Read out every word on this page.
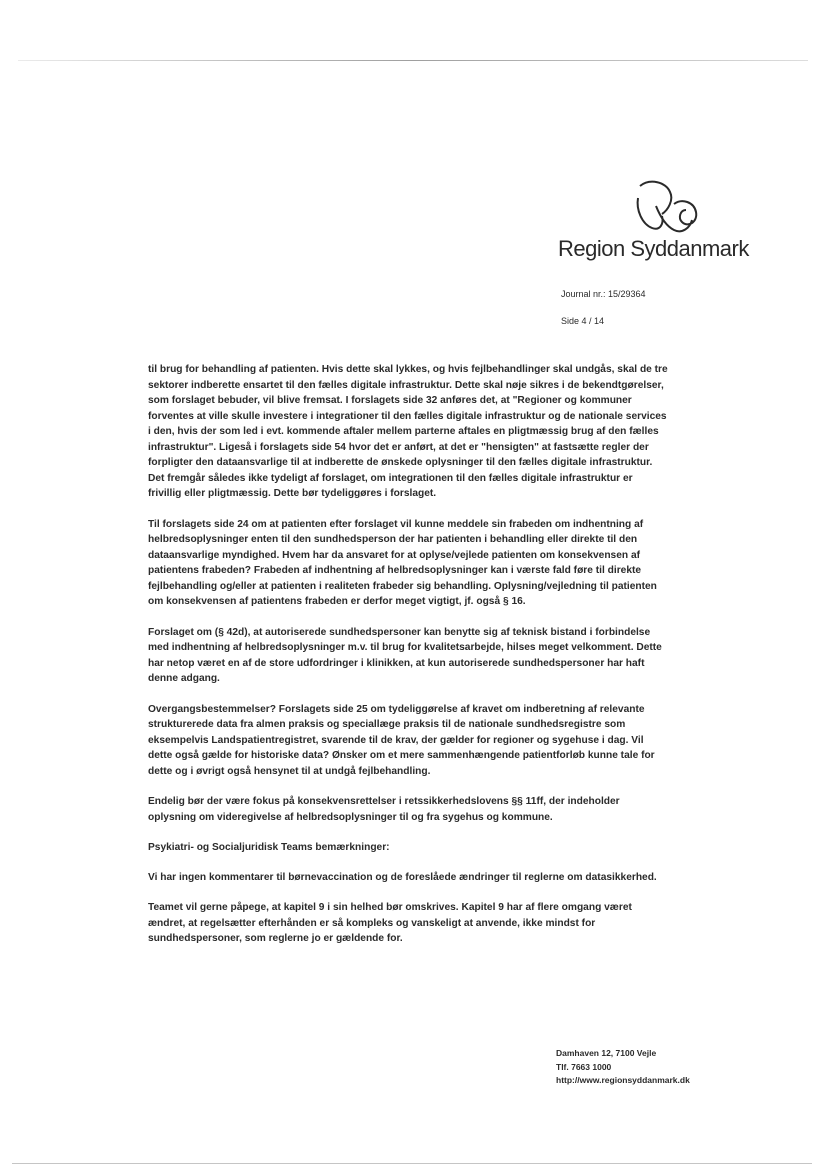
Region Syddanmark
Journal nr.: 15/29364
Side 4 / 14

til brug for behandling af patienten. Hvis dette skal lykkes, og hvis fejlbehandlinger skal undgås, skal de tre sektorer indberette ensartet til den fælles digitale infrastruktur. Dette skal nøje sikres i de bekendtgørelser, som forslaget bebuder, vil blive fremsat. I forslagets side 32 anføres det, at "Regioner og kommuner forventes at ville skulle investere i integrationer til den fælles digitale infrastruktur og de nationale services i den, hvis der som led i evt. kommende aftaler mellem parterne aftales en pligtmæssig brug af den fælles infrastruktur". Ligeså i forslagets side 54 hvor det er anført, at det er "hensigten" at fastsætte regler der forpligter den dataansvarlige til at indberette de ønskede oplysninger til den fælles digitale infrastruktur. Det fremgår således ikke tydeligt af forslaget, om integrationen til den fælles digitale infrastruktur er frivillig eller pligtmæssig. Dette bør tydeliggøres i forslaget.

Til forslagets side 24 om at patienten efter forslaget vil kunne meddele sin frabeden om indhentning af helbredsoplysninger enten til den sundhedsperson der har patienten i behandling eller direkte til den dataansvarlige myndighed. Hvem har da ansvaret for at oplyse/vejlede patienten om konsekvensen af patientens frabeden? Frabeden af indhentning af helbredsoplysninger kan i værste fald føre til direkte fejlbehandling og/eller at patienten i realiteten frabeder sig behandling. Oplysning/vejledning til patienten om konsekvensen af patientens frabeden er derfor meget vigtigt, jf. også § 16.

Forslaget om (§ 42d), at autoriserede sundhedspersoner kan benytte sig af teknisk bistand i forbindelse med indhentning af helbredsoplysninger m.v. til brug for kvalitetsarbejde, hilses meget velkomment. Dette har netop været en af de store udfordringer i klinikken, at kun autoriserede sundhedspersoner har haft denne adgang.

Overgangsbestemmelser? Forslagets side 25 om tydeliggørelse af kravet om indberetning af relevante strukturerede data fra almen praksis og speciallæge praksis til de nationale sundhedsregistre som eksempelvis Landspatientregistret, svarende til de krav, der gælder for regioner og sygehuse i dag. Vil dette også gælde for historiske data? Ønsker om et mere sammenhængende patientforløb kunne tale for dette og i øvrigt også hensynet til at undgå fejlbehandling.

Endelig bør der være fokus på konsekvensrettelser i retssikkerhedslovens §§ 11ff, der indeholder oplysning om videregivelse af helbredsoplysninger til og fra sygehus og kommune.

Psykiatri- og Socialjuridisk Teams bemærkninger:

Vi har ingen kommentarer til børnevaccination og de foreslåede ændringer til reglerne om datasikkerhed.

Teamet vil gerne påpege, at kapitel 9 i sin helhed bør omskrives. Kapitel 9 har af flere omgang været ændret, at regelsætter efterhånden er så kompleks og vanskeligt at anvende, ikke mindst for sundhedspersoner, som reglerne jo er gældende for.

Damhaven 12, 7100 Vejle
Tlf. 7663 1000
http://www.regionsyddanmark.dk
